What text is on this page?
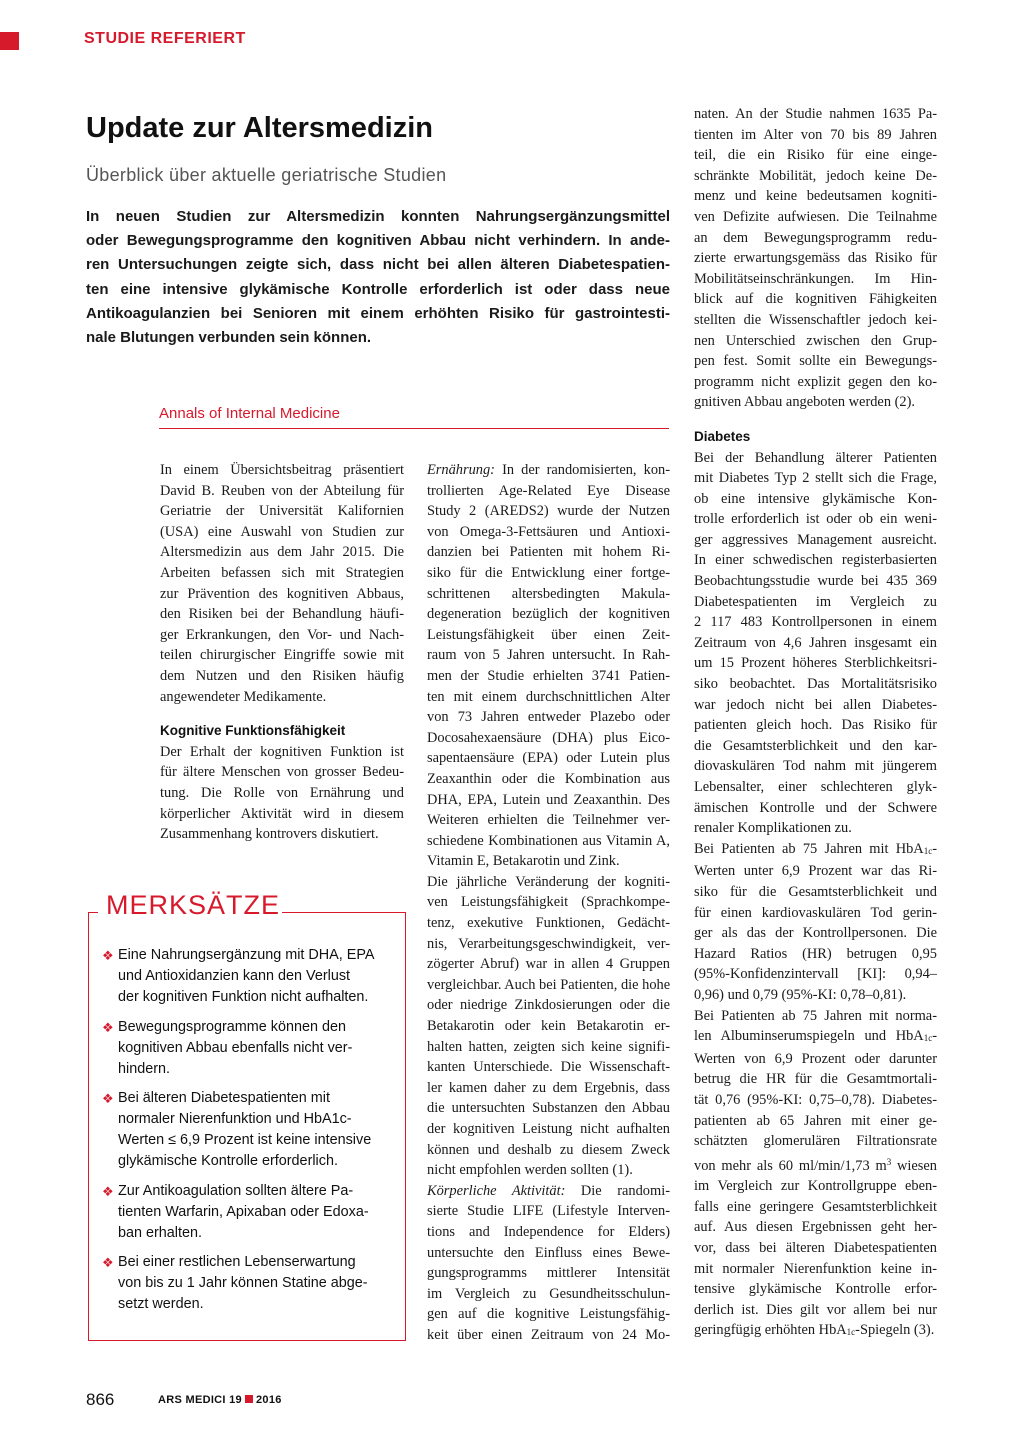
STUDIE REFERIERT
Update zur Altersmedizin
Überblick über aktuelle geriatrische Studien
In neuen Studien zur Altersmedizin konnten Nahrungsergänzungsmittel
oder Bewegungsprogramme den kognitiven Abbau nicht verhindern. In ande-
ren Untersuchungen zeigte sich, dass nicht bei allen älteren Diabetespatien-
ten eine intensive glykämische Kontrolle erforderlich ist oder dass neue
Antikoagulanzien bei Senioren mit einem erhöhten Risiko für gastrointesti-
nale Blutungen verbunden sein können.
Annals of Internal Medicine
In einem Übersichtsbeitrag präsentiert
David B. Reuben von der Abteilung für
Geriatrie der Universität Kalifornien
(USA) eine Auswahl von Studien zur
Altersmedizin aus dem Jahr 2015. Die
Arbeiten befassen sich mit Strategien
zur Prävention des kognitiven Abbaus,
den Risiken bei der Behandlung häufi-
ger Erkrankungen, den Vor- und Nach-
teilen chirurgischer Eingriffe sowie mit
dem Nutzen und den Risiken häufig
angewendeter Medikamente.
Kognitive Funktionsfähigkeit
Der Erhalt der kognitiven Funktion ist
für ältere Menschen von grosser Bedeu-
tung. Die Rolle von Ernährung und
körperlicher Aktivität wird in diesem
Zusammenhang kontrovers diskutiert.
MERKSÄTZE
❖ Eine Nahrungsergänzung mit DHA, EPA
und Antioxidanzien kann den Verlust
der kognitiven Funktion nicht aufhalten.
❖ Bewegungsprogramme können den
kognitiven Abbau ebenfalls nicht ver-
hindern.
❖ Bei älteren Diabetespatienten mit
normaler Nierenfunktion und HbA1c-
Werten ≤ 6,9 Prozent ist keine intensive
glykämische Kontrolle erforderlich.
❖ Zur Antikoagulation sollten ältere Pa-
tienten Warfarin, Apixaban oder Edoxa-
ban erhalten.
❖ Bei einer restlichen Lebenserwartung
von bis zu 1 Jahr können Statine abge-
setzt werden.
Ernährung: In der randomisierten, kon-
trollierten Age-Related Eye Disease
Study 2 (AREDS2) wurde der Nutzen
von Omega-3-Fettsäuren und Antioxi-
danzien bei Patienten mit hohem Ri-
siko für die Entwicklung einer fortge-
schrittenen altersbedingten Makula-
degeneration bezüglich der kognitiven
Leistungsfähigkeit über einen Zeit-
raum von 5 Jahren untersucht. In Rah-
men der Studie erhielten 3741 Patien-
ten mit einem durchschnittlichen Alter
von 73 Jahren entweder Plazebo oder
Docosahexaensäure (DHA) plus Eico-
sapentaensäure (EPA) oder Lutein plus
Zeaxanthin oder die Kombination aus
DHA, EPA, Lutein und Zeaxanthin. Des
Weiteren erhielten die Teilnehmer ver-
schiedene Kombinationen aus Vitamin A,
Vitamin E, Betakarotin und Zink.
Die jährliche Veränderung der kogniti-
ven Leistungsfähigkeit (Sprachkompe-
tenz, exekutive Funktionen, Gedächt-
nis, Verarbeitungsgeschwindigkeit, ver-
zögerter Abruf) war in allen 4 Gruppen
vergleichbar. Auch bei Patienten, die hohe
oder niedrige Zinkdosierungen oder die
Betakarotin oder kein Betakarotin er-
halten hatten, zeigten sich keine signifi-
kanten Unterschiede. Die Wissenschaft-
ler kamen daher zu dem Ergebnis, dass
die untersuchten Substanzen den Abbau
der kognitiven Leistung nicht aufhalten
können und deshalb zu diesem Zweck
nicht empfohlen werden sollten (1).
Körperliche Aktivität: Die randomi-
sierte Studie LIFE (Lifestyle Interven-
tions and Independence for Elders)
untersuchte den Einfluss eines Bewe-
gungsprogramms mittlerer Intensität
im Vergleich zu Gesundheitsschulun-
gen auf die kognitive Leistungsfähig-
keit über einen Zeitraum von 24 Mo-
naten. An der Studie nahmen 1635 Pa-
tienten im Alter von 70 bis 89 Jahren
teil, die ein Risiko für eine einge-
schränkte Mobilität, jedoch keine De-
menz und keine bedeutsamen kogniti-
ven Defizite aufwiesen. Die Teilnahme
an dem Bewegungsprogramm redu-
zierte erwartungsgemäss das Risiko für
Mobilitätseinschränkungen. Im Hin-
blick auf die kognitiven Fähigkeiten
stellten die Wissenschaftler jedoch kei-
nen Unterschied zwischen den Grup-
pen fest. Somit sollte ein Bewegungs-
programm nicht explizit gegen den ko-
gnitiven Abbau angeboten werden (2).
Diabetes
Bei der Behandlung älterer Patienten
mit Diabetes Typ 2 stellt sich die Frage,
ob eine intensive glykämische Kon-
trolle erforderlich ist oder ob ein weni-
ger aggressives Management ausreicht.
In einer schwedischen registerbasierten
Beobachtungsstudie wurde bei 435 369
Diabetespatienten im Vergleich zu
2 117 483 Kontrollpersonen in einem
Zeitraum von 4,6 Jahren insgesamt ein
um 15 Prozent höheres Sterblichkeitsri-
siko beobachtet. Das Mortalitätsrisiko
war jedoch nicht bei allen Diabetes-
patienten gleich hoch. Das Risiko für
die Gesamtsterblichkeit und den kar-
diovaskulären Tod nahm mit jüngerem
Lebensalter, einer schlechteren glyk-
ämischen Kontrolle und der Schwere
renaler Komplikationen zu.
Bei Patienten ab 75 Jahren mit HbA$_{1c}$-
Werten unter 6,9 Prozent war das Ri-
siko für die Gesamtsterblichkeit und
für einen kardiovaskulären Tod gerin-
ger als das der Kontrollpersonen. Die
Hazard Ratios (HR) betrugen 0,95
(95%-Konfidenzintervall [KI]: 0,94–
0,96) und 0,79 (95%-KI: 0,78–0,81).
Bei Patienten ab 75 Jahren mit norma-
len Albuminserumspiegeln und HbA$_{1c}$-
Werten von 6,9 Prozent oder darunter
betrug die HR für die Gesamtmortali-
tät 0,76 (95%-KI: 0,75–0,78). Diabetes-
patienten ab 65 Jahren mit einer ge-
schätzten glomerulären Filtrationsrate
von mehr als 60 ml/min/1,73 $m^3$ wiesen
im Vergleich zur Kontrollgruppe eben-
falls eine geringere Gesamtsterblichkeit
auf. Aus diesen Ergebnissen geht her-
vor, dass bei älteren Diabetespatienten
mit normaler Nierenfunktion keine in-
tensive glykämische Kontrolle erfor-
derlich ist. Dies gilt vor allem bei nur
geringfügig erhöhten HbA$_{1c}$-Spiegeln (3).
866	ARS MEDICI 19 2016
